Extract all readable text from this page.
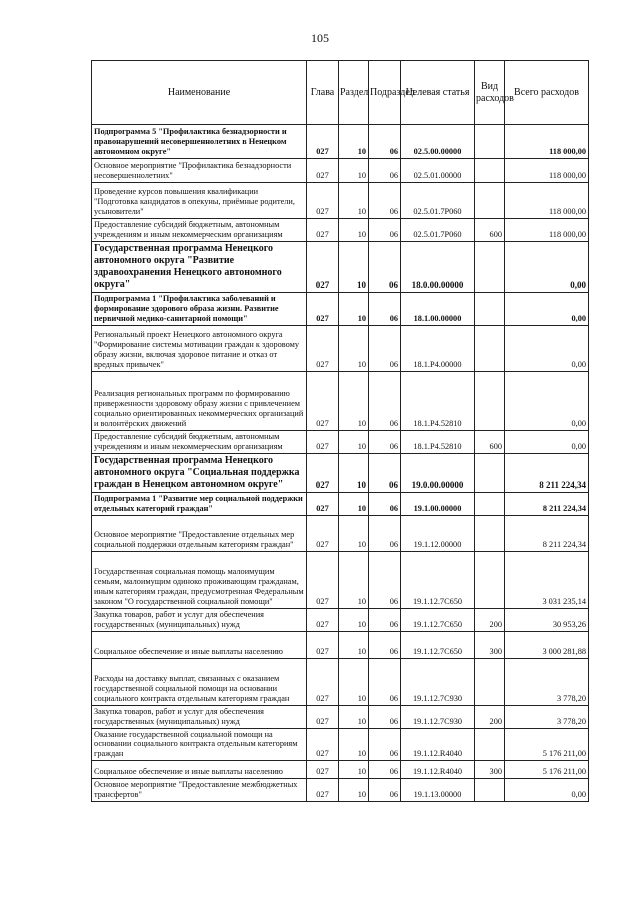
105
Наименование	Глава	Раздел	Подраздел	Целевая статья	Вид расходов	Всего расходов
Подпрограмма 5 "Профилактика безнадзорности и правонарушений несовершеннолетних в Ненецком автономном округе"	027	10	06	02.5.00.00000		118 000,00
Основное мероприятие "Профилактика безнадзорности несовершеннолетних"	027	10	06	02.5.01.00000		118 000,00
Проведение курсов повышения квалификации "Подготовка кандидатов в опекуны, приёмные родители, усыновители"	027	10	06	02.5.01.7Р060		118 000,00
Предоставление субсидий бюджетным, автономным учреждениям и иным некоммерческим организациям	027	10	06	02.5.01.7Р060	600	118 000,00
Государственная программа Ненецкого автономного округа "Развитие здравоохранения Ненецкого автономного округа"	027	10	06	18.0.00.00000		0,00
Подпрограмма 1 "Профилактика заболеваний и формирование здорового образа жизни. Развитие первичной медико-санитарной помощи"	027	10	06	18.1.00.00000		0,00
Региональный проект Ненецкого автономного округа "Формирование системы мотивации граждан к здоровому образу жизни, включая здоровое питание и отказ от вредных привычек"	027	10	06	18.1.Р4.00000		0,00
Реализация региональных программ по формированию приверженности здоровому образу жизни с привлечением социально ориентированных некоммерческих организаций и волонтёрских движений	027	10	06	18.1.Р4.52810		0,00
Предоставление субсидий бюджетным, автономным учреждениям и иным некоммерческим организациям	027	10	06	18.1.Р4.52810	600	0,00
Государственная программа Ненецкого автономного округа "Социальная поддержка граждан в Ненецком автономном округе"	027	10	06	19.0.00.00000		8 211 224,34
Подпрограмма 1 "Развитие мер социальной поддержки отдельных категорий граждан"	027	10	06	19.1.00.00000		8 211 224,34
Основное мероприятие "Предоставление отдельных мер социальной поддержки отдельным категориям граждан"	027	10	06	19.1.12.00000		8 211 224,34
Государственная социальная помощь малоимущим семьям, малоимущим одиноко проживающим гражданам, иным категориям граждан, предусмотренная Федеральным законом "О государственной социальной помощи"	027	10	06	19.1.12.7С650		3 031 235,14
Закупка товаров, работ и услуг для обеспечения государственных (муниципальных) нужд	027	10	06	19.1.12.7С650	200	30 953,26
Социальное обеспечение и иные выплаты населению	027	10	06	19.1.12.7С650	300	3 000 281,88
Расходы на доставку выплат, связанных с оказанием государственной социальной помощи на основании социального контракта отдельным категориям граждан	027	10	06	19.1.12.7С930		3 778,20
Закупка товаров, работ и услуг для обеспечения государственных (муниципальных) нужд	027	10	06	19.1.12.7С930	200	3 778,20
Оказание государственной социальной помощи на основании социального контракта отдельным категориям граждан	027	10	06	19.1.12.R4040		5 176 211,00
Социальное обеспечение и иные выплаты населению	027	10	06	19.1.12.R4040	300	5 176 211,00
Основное мероприятие "Предоставление межбюджетных трансфертов"	027	10	06	19.1.13.00000		0,00
